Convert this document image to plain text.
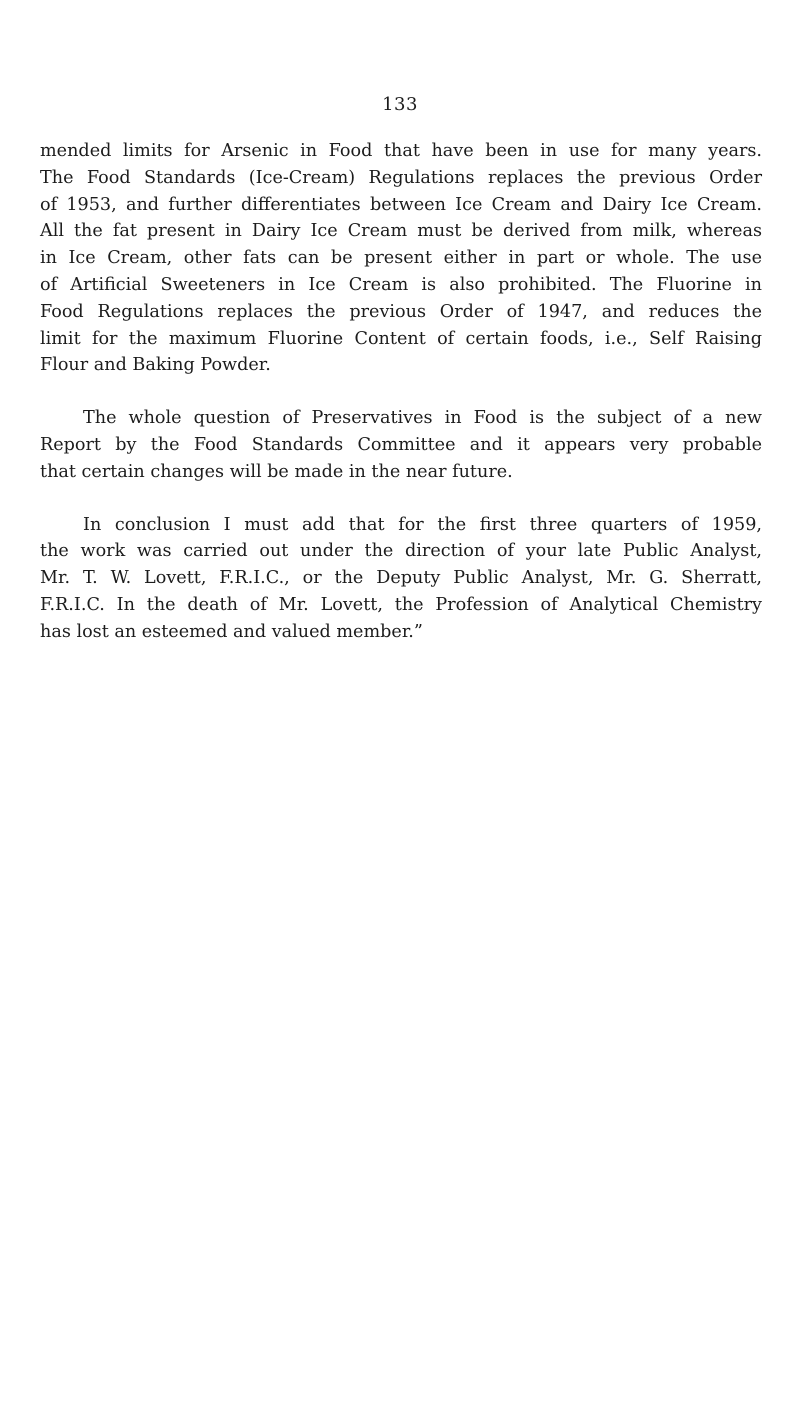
133

mended limits for Arsenic in Food that have been in use for many years.
The Food Standards (Ice-Cream) Regulations replaces the previous Order
of 1953, and further differentiates between Ice Cream and Dairy Ice Cream.
All the fat present in Dairy Ice Cream must be derived from milk, whereas
in Ice Cream, other fats can be present either in part or whole. The use
of Artificial Sweeteners in Ice Cream is also prohibited. The Fluorine in
Food Regulations replaces the previous Order of 1947, and reduces the
limit for the maximum Fluorine Content of certain foods, i.e., Self Raising
Flour and Baking Powder.

The whole question of Preservatives in Food is the subject of a new
Report by the Food Standards Committee and it appears very probable
that certain changes will be made in the near future.

In conclusion I must add that for the first three quarters of 1959,
the work was carried out under the direction of your late Public Analyst,
Mr. T. W. Lovett, F.R.I.C., or the Deputy Public Analyst, Mr. G. Sherratt,
F.R.I.C. In the death of Mr. Lovett, the Profession of Analytical Chemistry
has lost an esteemed and valued member.”
